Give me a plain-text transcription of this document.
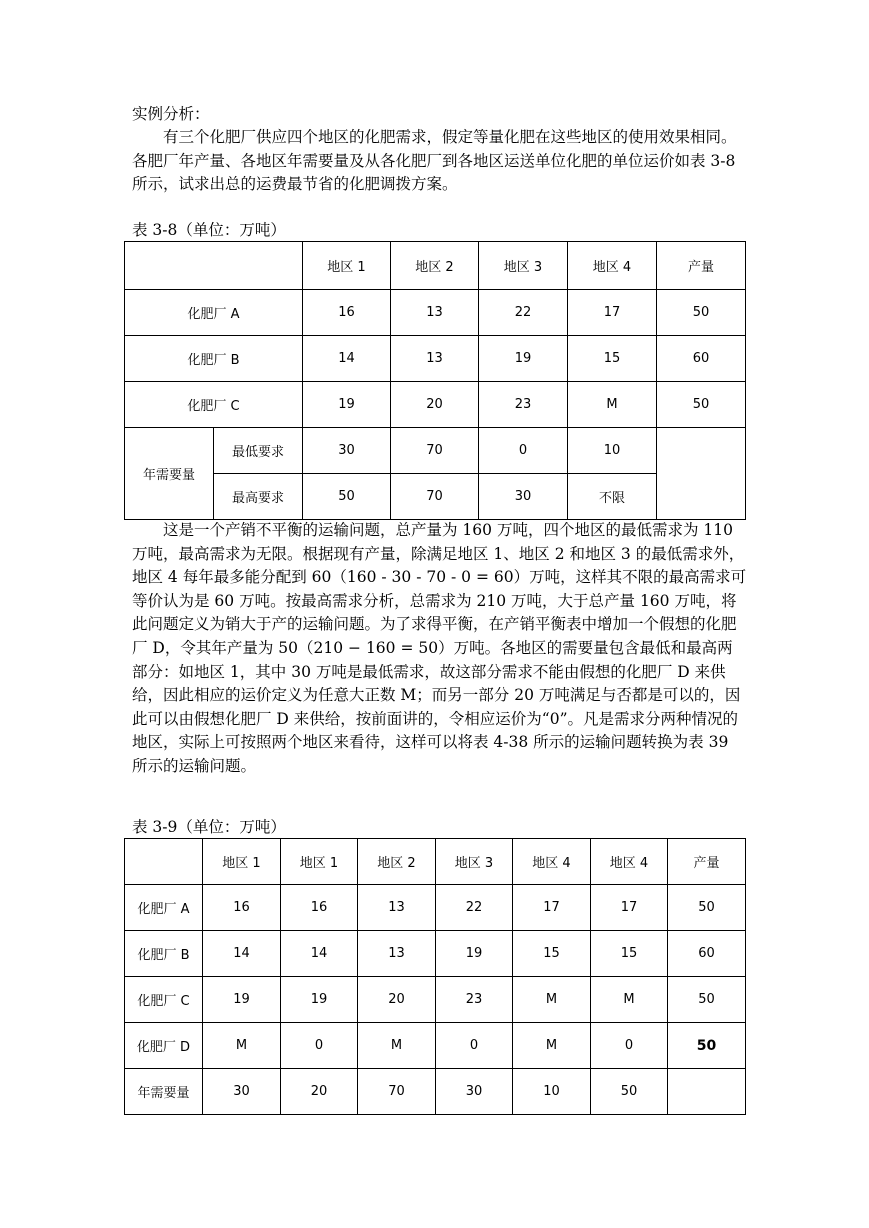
实例分析：

有三个化肥厂供应四个地区的化肥需求，假定等量化肥在这些地区的使用效果相同。各肥厂年产量、各地区年需要量及从各化肥厂到各地区运送单位化肥的单位运价如表 3-8 所示，试求出总的运费最节省的化肥调拨方案。

表 3-8（单位：万吨）

		地区 1	地区 2	地区 3	地区 4	产量
化肥厂 A		16	13	22	17	50
化肥厂 B		14	13	19	15	60
化肥厂 C		19	20	23	M	50
年需要量	最低要求	30	70	0	10	
	最高要求	50	70	30	不限	

这是一个产销不平衡的运输问题，总产量为 160 万吨，四个地区的最低需求为 110 万吨，最高需求为无限。根据现有产量，除满足地区 1、地区 2 和地区 3 的最低需求外，地区 4 每年最多能分配到 60（160 - 30 - 70 - 0 = 60）万吨，这样其不限的最高需求可等价认为是 60 万吨。按最高需求分析，总需求为 210 万吨，大于总产量 160 万吨，将此问题定义为销大于产的运输问题。为了求得平衡，在产销平衡表中增加一个假想的化肥厂 D，令其年产量为 50（210 − 160 = 50）万吨。各地区的需要量包含最低和最高两部分：如地区 1，其中 30 万吨是最低需求，故这部分需求不能由假想的化肥厂 D 来供给，因此相应的运价定义为任意大正数 M；而另一部分 20 万吨满足与否都是可以的，因此可以由假想化肥厂 D 来供给，按前面讲的，令相应运价为“0”。凡是需求分两种情况的地区，实际上可按照两个地区来看待，这样可以将表 4-38 所示的运输问题转换为表 39 所示的运输问题。

表 3-9（单位：万吨）

	地区 1	地区 1	地区 2	地区 3	地区 4	地区 4	产量
化肥厂 A	16	16	13	22	17	17	50
化肥厂 B	14	14	13	19	15	15	60
化肥厂 C	19	19	20	23	M	M	50
化肥厂 D	M	0	M	0	M	0	50
年需要量	30	20	70	30	10	50	
